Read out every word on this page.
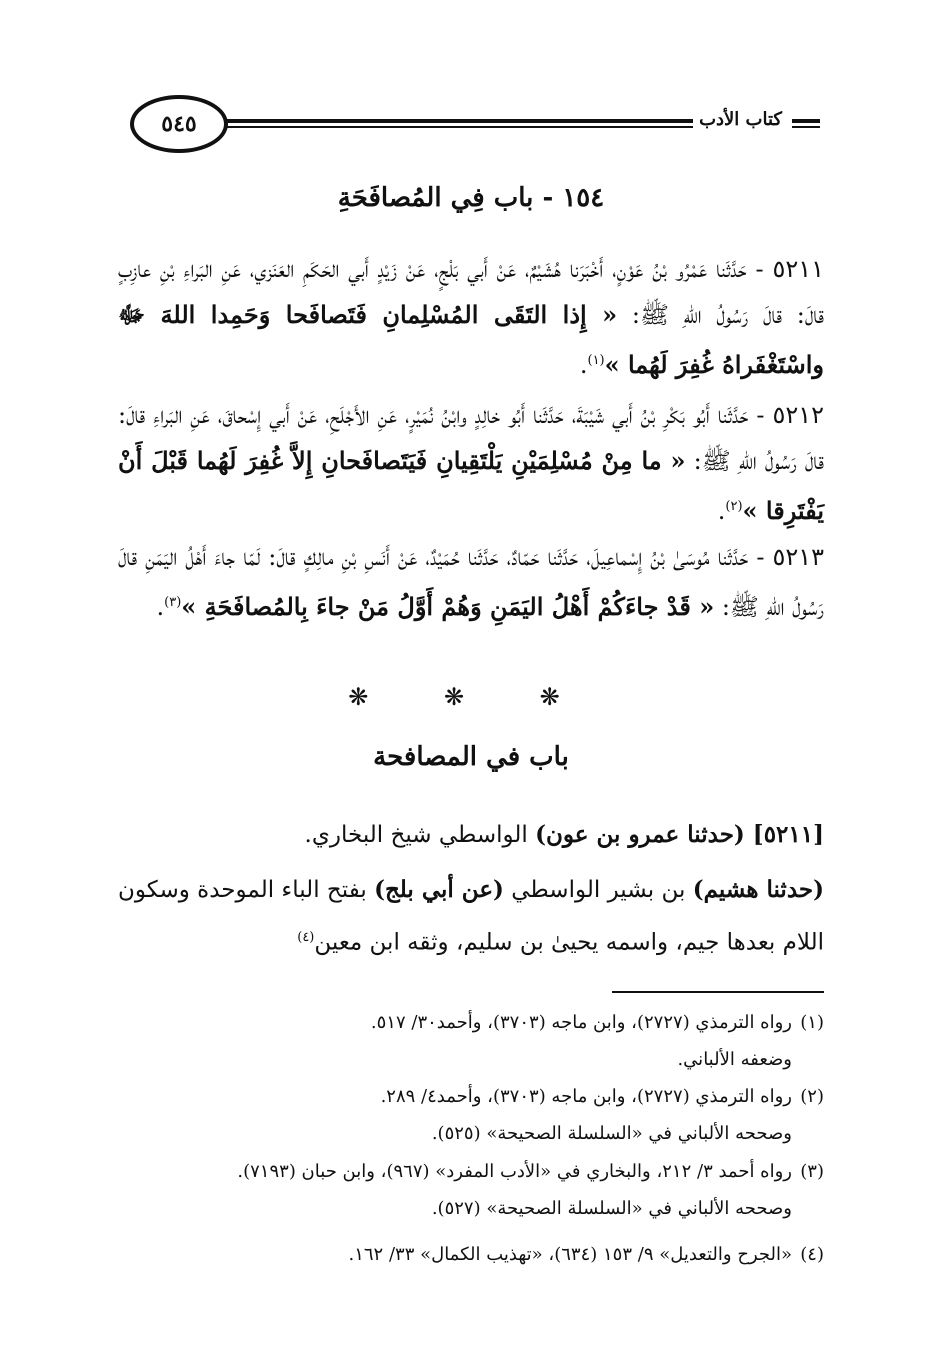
٥٤٥	كتاب الأدب
١٥٤ - باب فِي المُصافَحَةِ
٥٢١١ - حَدَّثَنا عَمْرُو بْنُ عَوْنٍ، أَخْبَرَنا هُشَيْمٌ، عَنْ أَبي بَلْجٍ، عَنْ زَيْدٍ أَبي الحَكَمِ العَنَزي، عَنِ البَراءِ بْنِ عازِبٍ قالَ: قالَ رَسُولُ اللهِ ﷺ: « إِذا التَقَى المُسْلِمانِ فَتَصافَحا وَحَمِدا اللهَ ﷻ واسْتَغْفَراهُ غُفِرَ لَهُما »$^{(١)}$.
٥٢١٢ - حَدَّثَنا أَبُو بَكْرِ بْنُ أَبي شَيْبَةَ، حَدَّثَنا أَبُو خالِدٍ وابْنُ نُمَيْرٍ، عَنِ الأَجْلَحِ، عَنْ أَبي إِسْحاقَ، عَنِ البَراءِ قالَ: قالَ رَسُولُ اللهِ ﷺ: « ما مِنْ مُسْلِمَيْنِ يَلْتَقِيانِ فَيَتَصافَحانِ إِلاَّ غُفِرَ لَهُما قَبْلَ أَنْ يَفْتَرِقا »$^{(٢)}$.
٥٢١٣ - حَدَّثَنا مُوسَىٰ بْنُ إِسْماعِيلَ، حَدَّثَنا حَمّادٌ، حَدَّثَنا حُمَيْدٌ، عَنْ أَنَسِ بْنِ مالِكٍ قالَ: لَمّا جاءَ أَهْلُ اليَمَنِ قالَ رَسُولُ اللهِ ﷺ: « قَدْ جاءَكُمْ أَهْلُ اليَمَنِ وَهُمْ أَوَّلُ مَنْ جاءَ بِالمُصافَحَةِ »$^{(٣)}$.
❋ ❋ ❋
باب في المصافحة
[٥٢١١] (حدثنا عمرو بن عون) الواسطي شيخ البخاري.
(حدثنا هشيم) بن بشير الواسطي (عن أبي بلج) بفتح الباء الموحدة وسكون اللام بعدها جيم، واسمه يحيىٰ بن سليم، وثقه ابن معين$^{(٤)}$
(١)رواه الترمذي (٢٧٢٧)، وابن ماجه (٣٧٠٣)، وأحمد٣٠/ ٥١٧.
وضعفه الألباني.
(٢)رواه الترمذي (٢٧٢٧)، وابن ماجه (٣٧٠٣)، وأحمد٤/ ٢٨٩.
وصححه الألباني في «السلسلة الصحيحة» (٥٢٥).
(٣)رواه أحمد ٣/ ٢١٢، والبخاري في «الأدب المفرد» (٩٦٧)، وابن حبان (٧١٩٣).
وصححه الألباني في «السلسلة الصحيحة» (٥٢٧).
(٤)«الجرح والتعديل» ٩/ ١٥٣ (٦٣٤)، «تهذيب الكمال» ٣٣/ ١٦٢.
